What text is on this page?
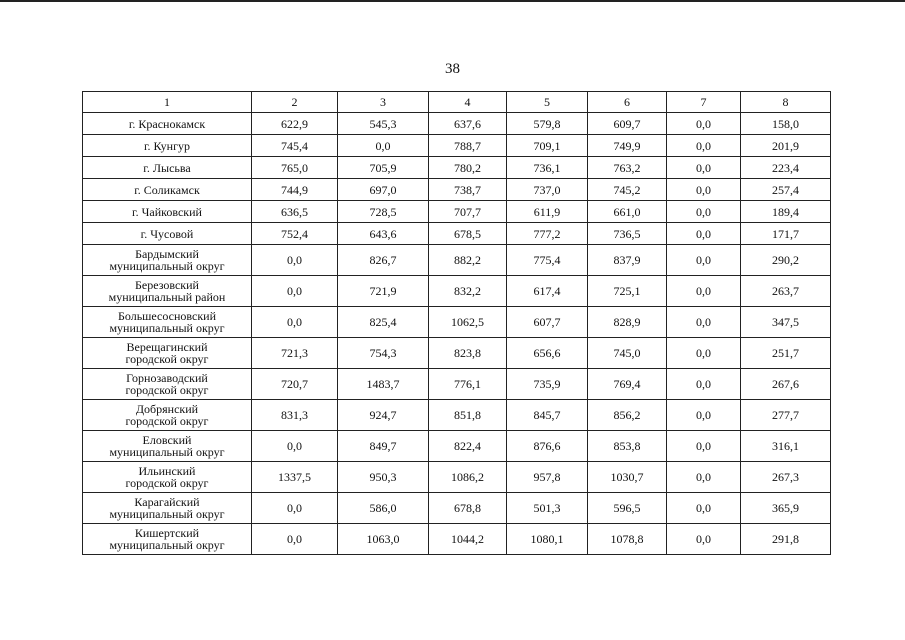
38
1	2	3	4	5	6	7	8

г. Краснокамск	622,9	545,3	637,6	579,8	609,7	0,0	158,0

г. Кунгур	745,4	0,0	788,7	709,1	749,9	0,0	201,9

г. Лысьва	765,0	705,9	780,2	736,1	763,2	0,0	223,4

г. Соликамск	744,9	697,0	738,7	737,0	745,2	0,0	257,4

г. Чайковский	636,5	728,5	707,7	611,9	661,0	0,0	189,4

г. Чусовой	752,4	643,6	678,5	777,2	736,5	0,0	171,7

Бардымский
муниципальный округ	0,0	826,7	882,2	775,4	837,9	0,0	290,2

Березовский
муниципальный район	0,0	721,9	832,2	617,4	725,1	0,0	263,7

Большесосновский
муниципальный округ	0,0	825,4	1062,5	607,7	828,9	0,0	347,5

Верещагинский
городской округ	721,3	754,3	823,8	656,6	745,0	0,0	251,7

Горнозаводский
городской округ	720,7	1483,7	776,1	735,9	769,4	0,0	267,6

Добрянский
городской округ	831,3	924,7	851,8	845,7	856,2	0,0	277,7

Еловский
муниципальный округ	0,0	849,7	822,4	876,6	853,8	0,0	316,1

Ильинский
городской округ	1337,5	950,3	1086,2	957,8	1030,7	0,0	267,3

Карагайский
муниципальный округ	0,0	586,0	678,8	501,3	596,5	0,0	365,9

Кишертский
муниципальный округ	0,0	1063,0	1044,2	1080,1	1078,8	0,0	291,8
